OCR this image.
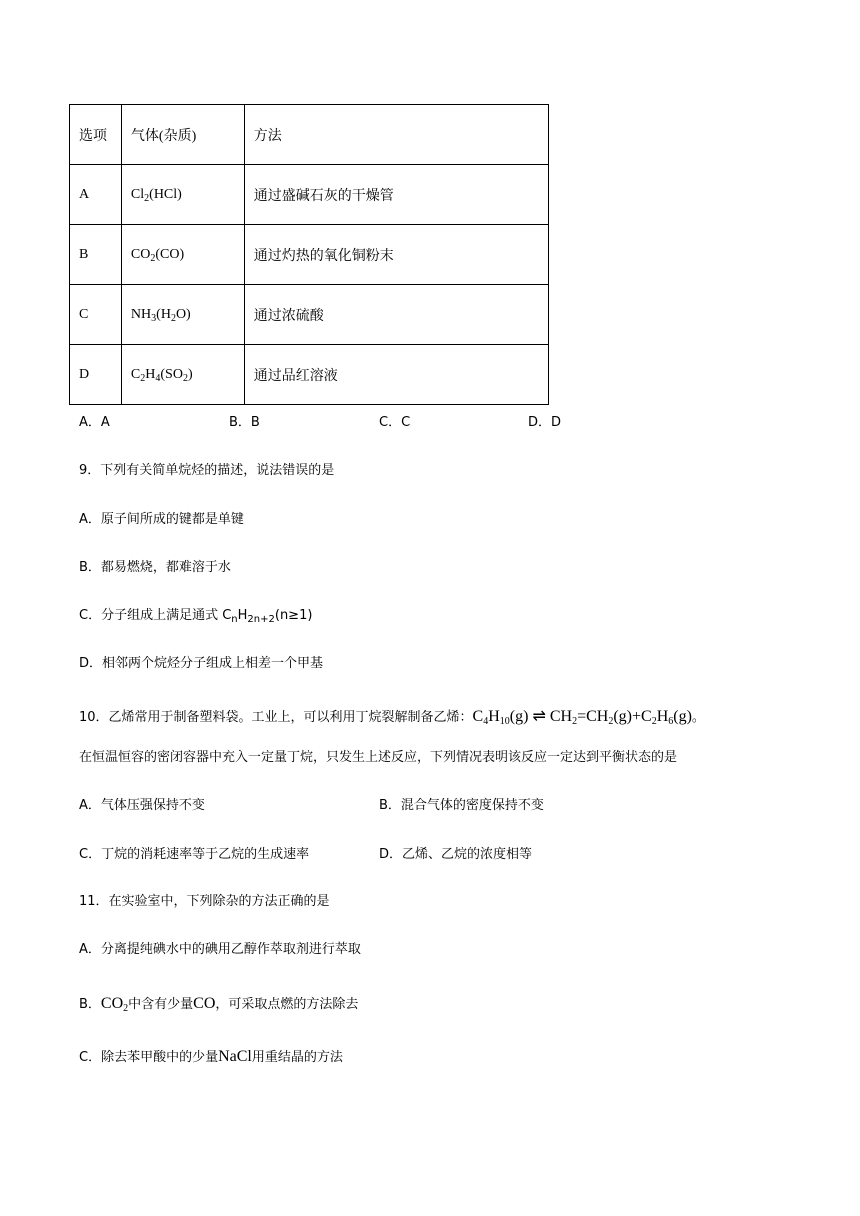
选项	气体(杂质)	方法
A	$Cl_2(HCl)$	通过盛碱石灰的干燥管
B	$CO_2(CO)$	通过灼热的氧化铜粉末
C	$NH_3(H_2O)$	通过浓硫酸
D	$C_2H_4(SO_2)$	通过品红溶液
A．A	B．B	C．C	D．D
9．下列有关简单烷烃的描述，说法错误的是
A．原子间所成的键都是单键
B．都易燃烧，都难溶于水
C．分子组成上满足通式 $C_nH_{2n+2}(n\ge 1)$
D．相邻两个烷烃分子组成上相差一个甲基
10．乙烯常用于制备塑料袋。工业上，可以利用丁烷裂解制备乙烯：$C_4H_{10}(g)$ ⇌ $CH_2=CH_2(g)+C_2H_6(g)$。
在恒温恒容的密闭容器中充入一定量丁烷，只发生上述反应，下列情况表明该反应一定达到平衡状态的是
A．气体压强保持不变	B．混合气体的密度保持不变
C．丁烷的消耗速率等于乙烷的生成速率	D．乙烯、乙烷的浓度相等
11．在实验室中，下列除杂的方法正确的是
A．分离提纯碘水中的碘用乙醇作萃取剂进行萃取
B．$CO_2$中含有少量CO，可采取点燃的方法除去
C．除去苯甲酸中的少量NaCl用重结晶的方法
